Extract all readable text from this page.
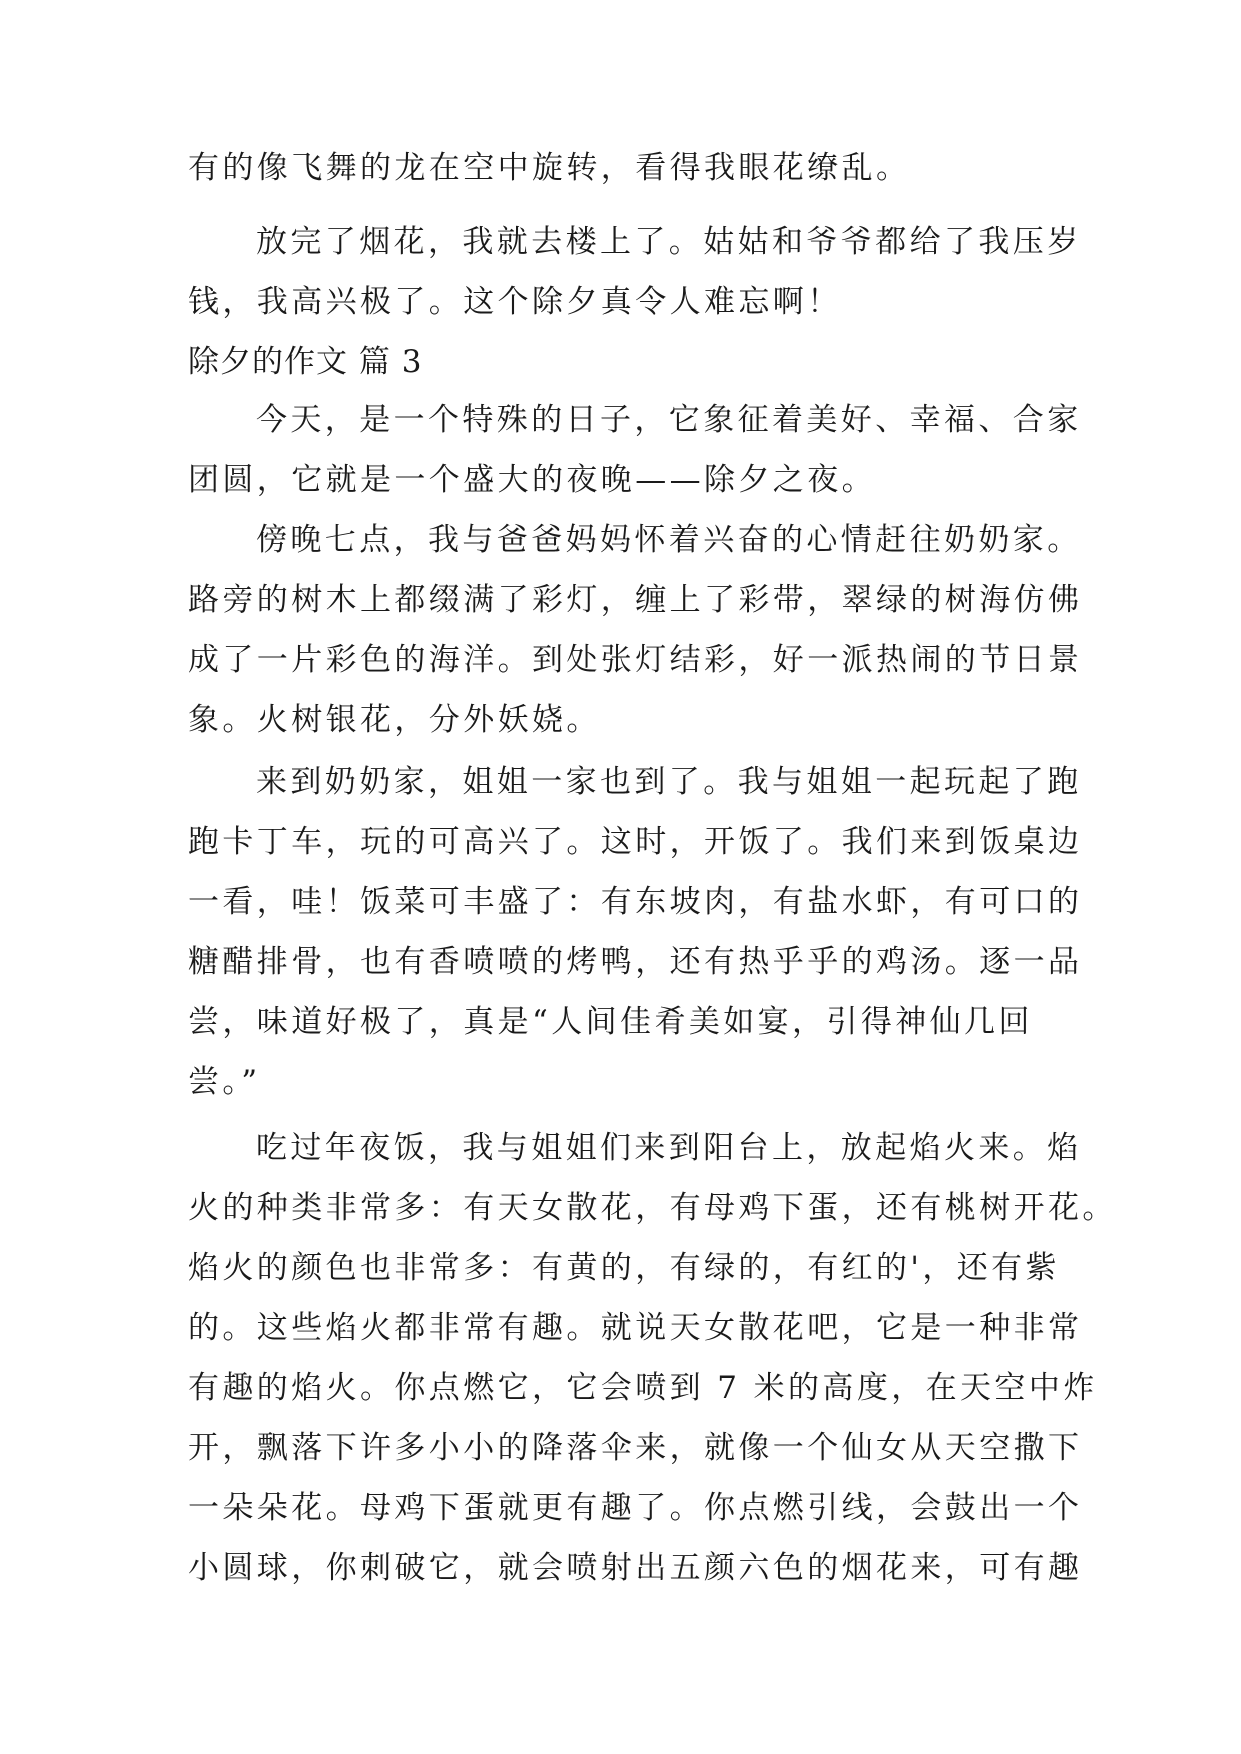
有的像飞舞的龙在空中旋转，看得我眼花缭乱。
放完了烟花，我就去楼上了。姑姑和爷爷都给了我压岁
钱，我高兴极了。这个除夕真令人难忘啊！
除夕的作文 篇 3
今天，是一个特殊的日子，它象征着美好、幸福、合家
团圆，它就是一个盛大的夜晚——除夕之夜。
傍晚七点，我与爸爸妈妈怀着兴奋的心情赶往奶奶家。
路旁的树木上都缀满了彩灯，缠上了彩带，翠绿的树海仿佛
成了一片彩色的海洋。到处张灯结彩，好一派热闹的节日景
象。火树银花，分外妖娆。
来到奶奶家，姐姐一家也到了。我与姐姐一起玩起了跑
跑卡丁车，玩的可高兴了。这时，开饭了。我们来到饭桌边
一看，哇！饭菜可丰盛了：有东坡肉，有盐水虾，有可口的
糖醋排骨，也有香喷喷的烤鸭，还有热乎乎的鸡汤。逐一品
尝，味道好极了，真是“人间佳肴美如宴，引得神仙几回
尝。”
吃过年夜饭，我与姐姐们来到阳台上，放起焰火来。焰
火的种类非常多：有天女散花，有母鸡下蛋，还有桃树开花。
焰火的颜色也非常多：有黄的，有绿的，有红的'，还有紫
的。这些焰火都非常有趣。就说天女散花吧，它是一种非常
有趣的焰火。你点燃它，它会喷到 7 米的高度，在天空中炸
开，飘落下许多小小的降落伞来，就像一个仙女从天空撒下
一朵朵花。母鸡下蛋就更有趣了。你点燃引线，会鼓出一个
小圆球，你刺破它，就会喷射出五颜六色的烟花来，可有趣
